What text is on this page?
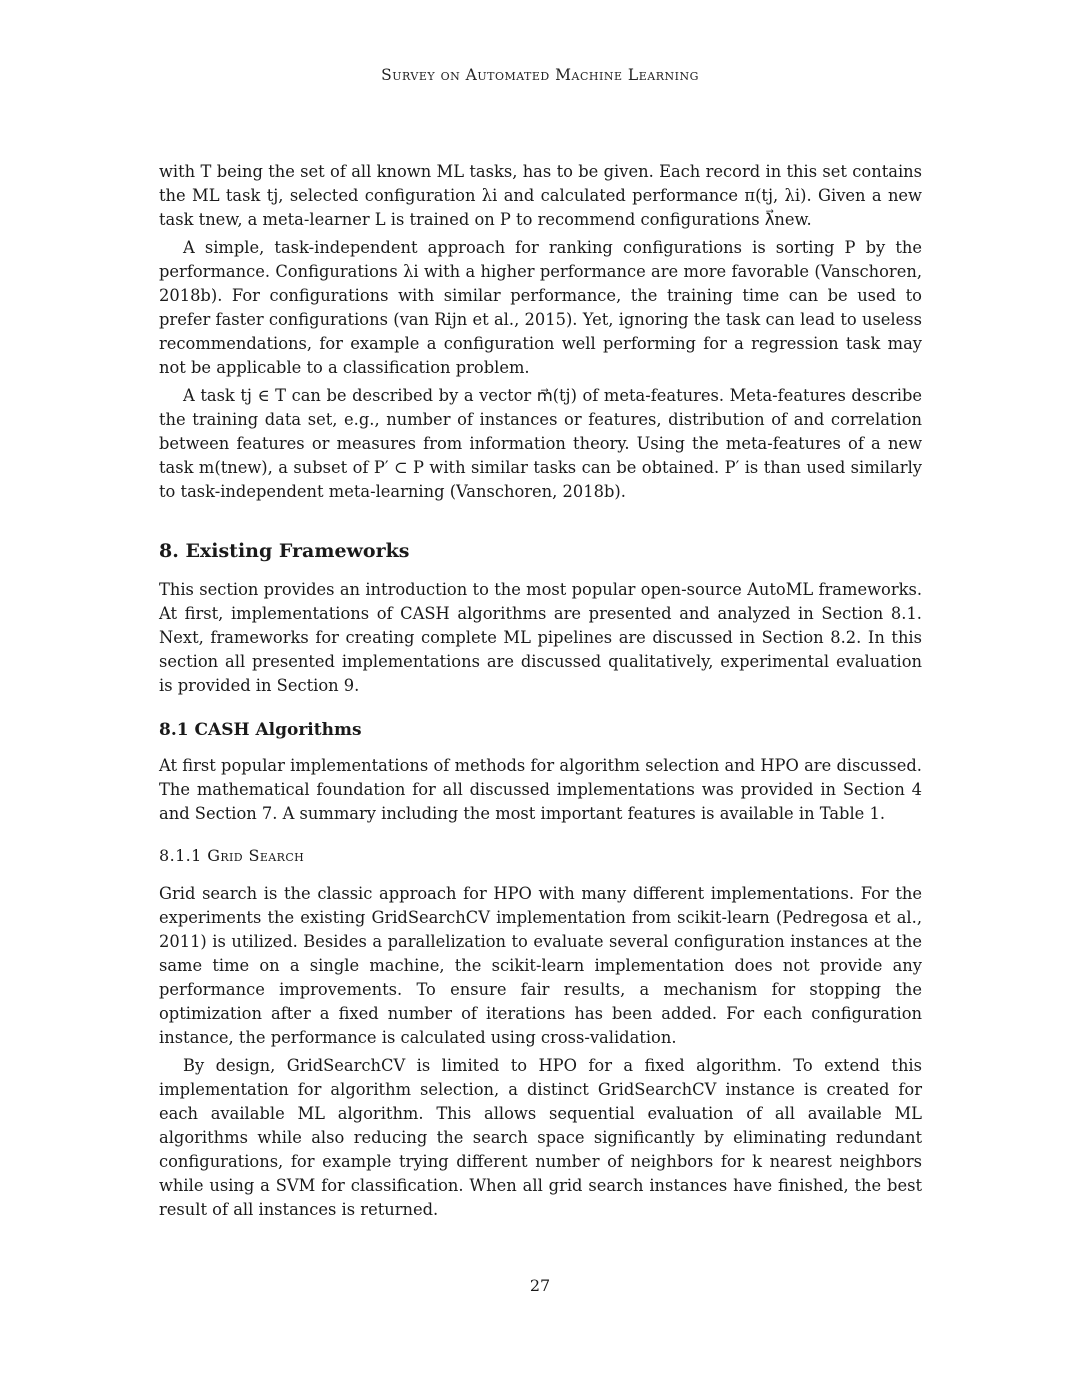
Survey on Automated Machine Learning

with T being the set of all known ML tasks, has to be given. Each record in this set contains the ML task tj, selected configuration λi and calculated performance π(tj, λi). Given a new task tnew, a meta-learner L is trained on P to recommend configurations λ⃗new.

A simple, task-independent approach for ranking configurations is sorting P by the performance. Configurations λi with a higher performance are more favorable (Vanschoren, 2018b). For configurations with similar performance, the training time can be used to prefer faster configurations (van Rijn et al., 2015). Yet, ignoring the task can lead to useless recommendations, for example a configuration well performing for a regression task may not be applicable to a classification problem.

A task tj ∈ T can be described by a vector m⃗(tj) of meta-features. Meta-features describe the training data set, e.g., number of instances or features, distribution of and correlation between features or measures from information theory. Using the meta-features of a new task m(tnew), a subset of P′ ⊂ P with similar tasks can be obtained. P′ is than used similarly to task-independent meta-learning (Vanschoren, 2018b).

8. Existing Frameworks

This section provides an introduction to the most popular open-source AutoML frameworks. At first, implementations of CASH algorithms are presented and analyzed in Section 8.1. Next, frameworks for creating complete ML pipelines are discussed in Section 8.2. In this section all presented implementations are discussed qualitatively, experimental evaluation is provided in Section 9.

8.1 CASH Algorithms

At first popular implementations of methods for algorithm selection and HPO are discussed. The mathematical foundation for all discussed implementations was provided in Section 4 and Section 7. A summary including the most important features is available in Table 1.

8.1.1 Grid Search

Grid search is the classic approach for HPO with many different implementations. For the experiments the existing GridSearchCV implementation from scikit-learn (Pedregosa et al., 2011) is utilized. Besides a parallelization to evaluate several configuration instances at the same time on a single machine, the scikit-learn implementation does not provide any performance improvements. To ensure fair results, a mechanism for stopping the optimization after a fixed number of iterations has been added. For each configuration instance, the performance is calculated using cross-validation.

By design, GridSearchCV is limited to HPO for a fixed algorithm. To extend this implementation for algorithm selection, a distinct GridSearchCV instance is created for each available ML algorithm. This allows sequential evaluation of all available ML algorithms while also reducing the search space significantly by eliminating redundant configurations, for example trying different number of neighbors for k nearest neighbors while using a SVM for classification. When all grid search instances have finished, the best result of all instances is returned.

27
